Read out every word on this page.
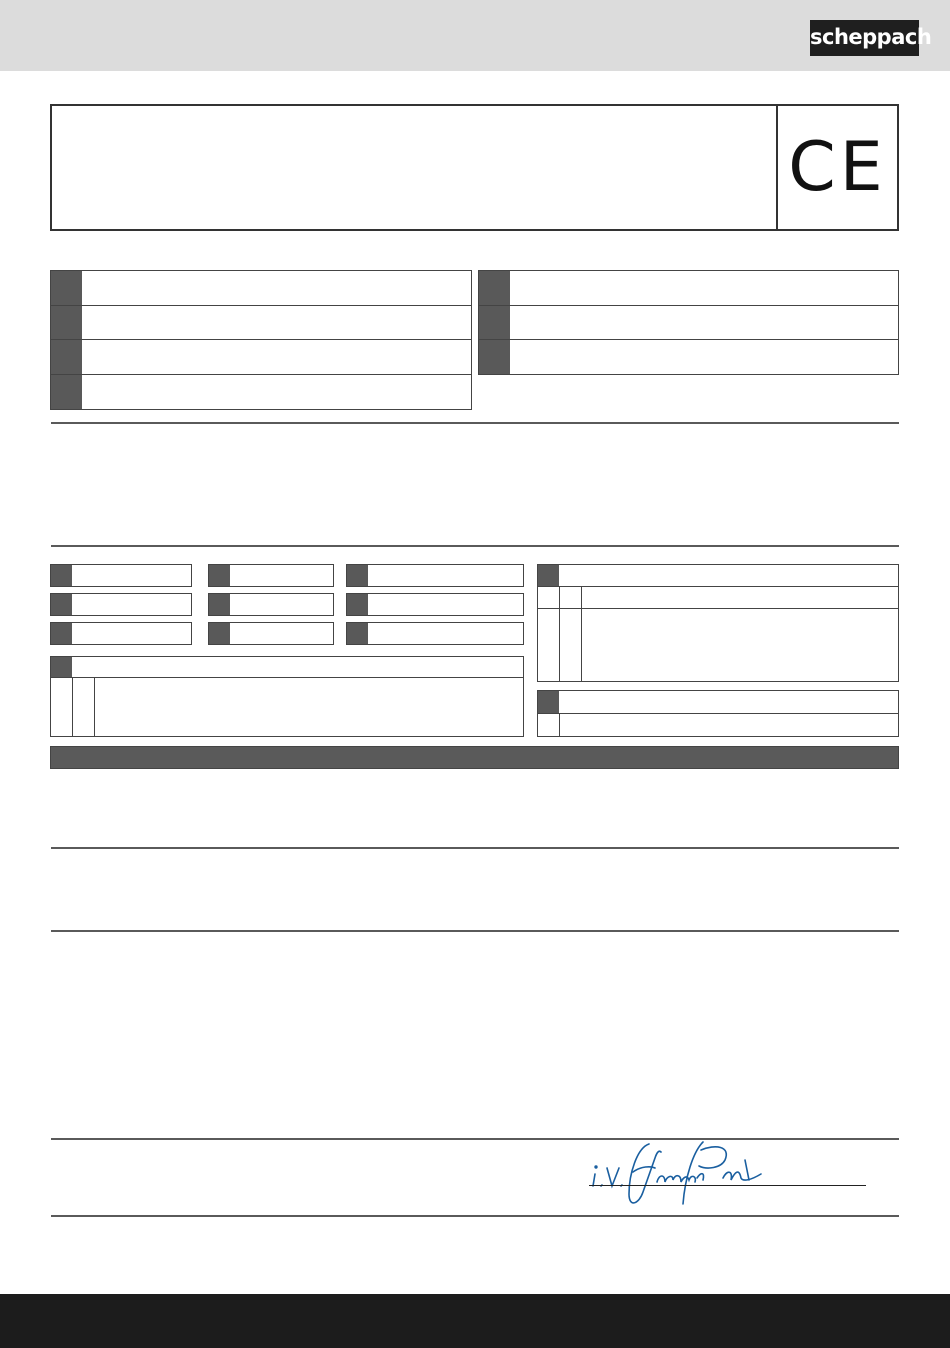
scheppach
CE
